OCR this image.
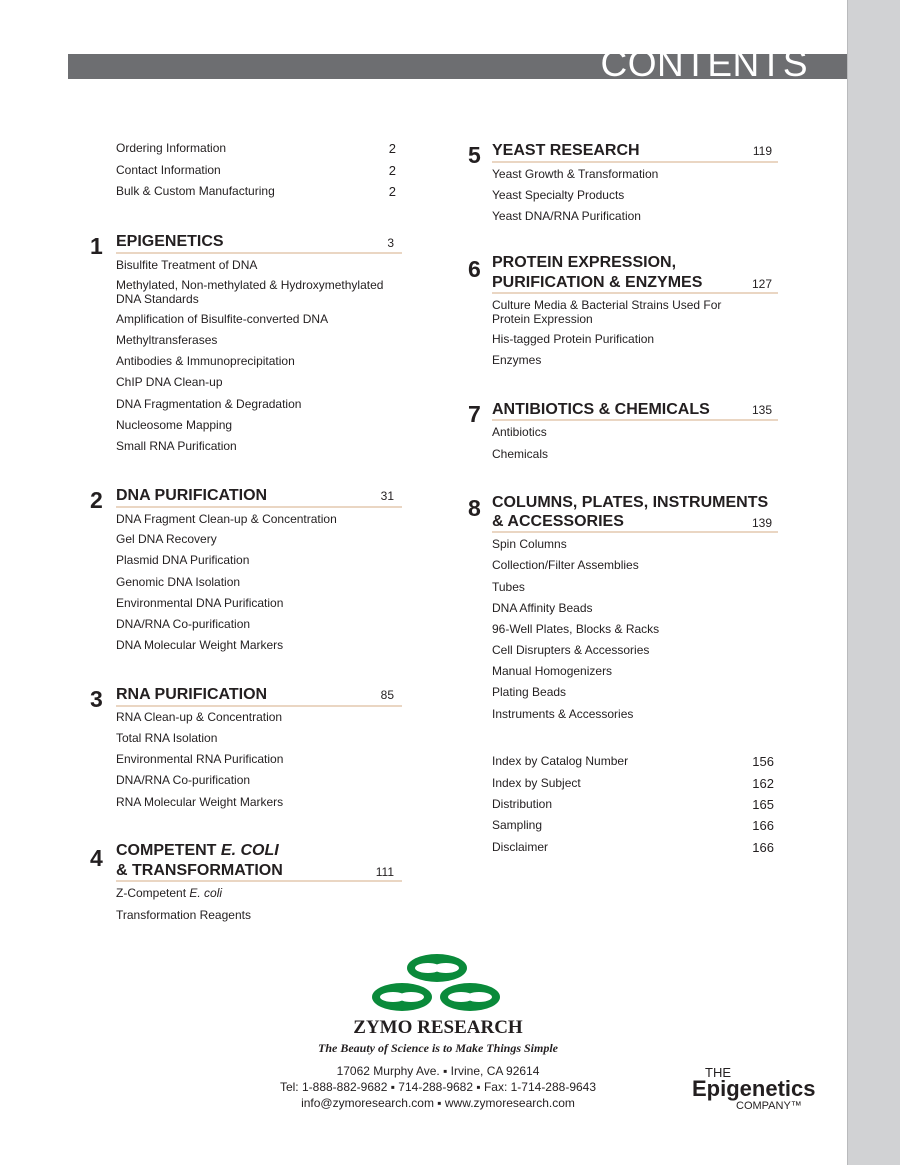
CONTENTS
Ordering Information	2
Contact Information	2
Bulk & Custom Manufacturing	2
1 EPIGENETICS	3
Bisulfite Treatment of DNA
Methylated, Non-methylated & Hydroxymethylated DNA Standards
Amplification of Bisulfite-converted DNA
Methyltransferases
Antibodies & Immunoprecipitation
ChIP DNA Clean-up
DNA Fragmentation & Degradation
Nucleosome Mapping
Small RNA Purification
2 DNA PURIFICATION	31
DNA Fragment Clean-up & Concentration
Gel DNA Recovery
Plasmid DNA Purification
Genomic DNA Isolation
Environmental DNA Purification
DNA/RNA Co-purification
DNA Molecular Weight Markers
3 RNA PURIFICATION	85
RNA Clean-up & Concentration
Total RNA Isolation
Environmental RNA Purification
DNA/RNA Co-purification
RNA Molecular Weight Markers
4 COMPETENT E. COLI
& TRANSFORMATION	111
Z-Competent E. coli
Transformation Reagents
5 YEAST RESEARCH	119
Yeast Growth & Transformation
Yeast Specialty Products
Yeast DNA/RNA Purification
6 PROTEIN EXPRESSION,
PURIFICATION & ENZYMES	127
Culture Media & Bacterial Strains Used For Protein Expression
His-tagged Protein Purification
Enzymes
7 ANTIBIOTICS & CHEMICALS	135
Antibiotics
Chemicals
8 COLUMNS, PLATES, INSTRUMENTS
& ACCESSORIES	139
Spin Columns
Collection/Filter Assemblies
Tubes
DNA Affinity Beads
96-Well Plates, Blocks & Racks
Cell Disrupters & Accessories
Manual Homogenizers
Plating Beads
Instruments & Accessories
Index by Catalog Number	156
Index by Subject	162
Distribution	165
Sampling	166
Disclaimer	166
ZYMO RESEARCH
The Beauty of Science is to Make Things Simple
17062 Murphy Ave. ▪ Irvine, CA 92614
Tel: 1-888-882-9682 ▪ 714-288-9682 ▪ Fax: 1-714-288-9643
info@zymoresearch.com ▪ www.zymoresearch.com
THE
Epigenetics
COMPANY™
